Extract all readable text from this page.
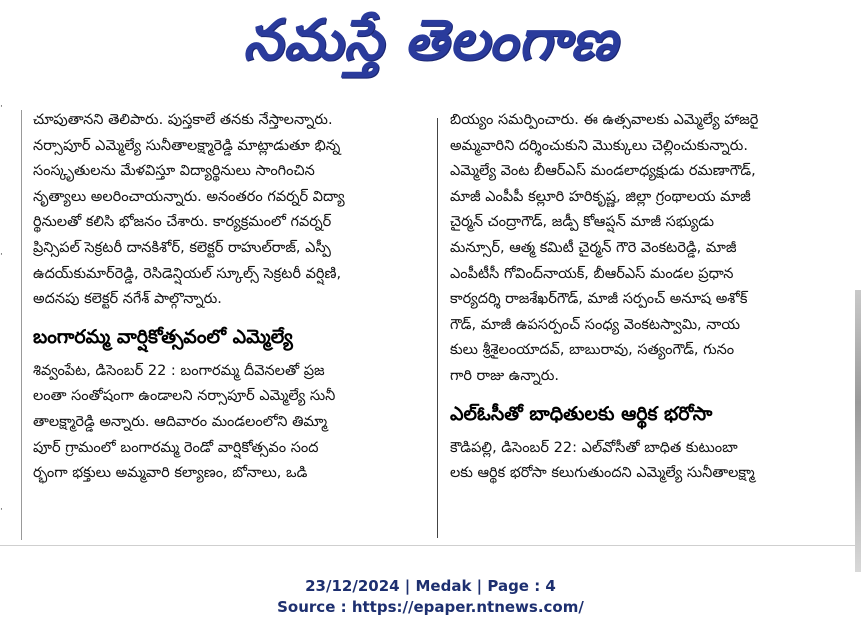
నమస్తే తెలంగాణ
·
·
·
చూపుతానని తెలిపారు. పుస్తకాలే తనకు నేస్తాలన్నారు.
నర్సాపూర్ ఎమ్మెల్యే సునీతాలక్ష్మారెడ్డి మాట్లాడుతూ భిన్న
సంస్కృతులను మేళవిస్తూ విద్యార్థినులు సాంగించిన
నృత్యాలు అలరించాయన్నారు. అనంతరం గవర్నర్ విద్యా
ర్థినులతో కలిసి భోజనం చేశారు. కార్యక్రమంలో గవర్నర్
ప్రిన్సిపల్ సెక్రటరీ దానకిశోర్, కలెక్టర్ రాహుల్‌రాజ్, ఎస్పీ
ఉదయ్‌కుమార్‌రెడ్డి, రెసిడెన్షియల్ స్కూల్స్ సెక్రటరీ వర్షిణి,
అదనపు కలెక్టర్ నగేశ్ పాల్గొన్నారు.
బంగారమ్మ వార్షికోత్సవంలో ఎమ్మెల్యే
శివ్వంపేట, డిసెంబర్ 22 : బంగారమ్మ దీవెనలతో ప్రజ
లంతా సంతోషంగా ఉండాలని నర్సాపూర్ ఎమ్మెల్యే సునీ
తాలక్ష్మారెడ్డి అన్నారు. ఆదివారం మండలంలోని తిమ్మా
పూర్ గ్రామంలో బంగారమ్మ రెండో వార్షికోత్సవం సంద
ర్భంగా భక్తులు అమ్మవారి కల్యాణం, బోనాలు, ఒడి
బియ్యం సమర్పించారు. ఈ ఉత్సవాలకు ఎమ్మెల్యే హాజరై
అమ్మవారిని దర్శించుకుని మొక్కులు చెల్లించుకున్నారు.
ఎమ్మెల్యే వెంట బీఆర్‌ఎస్ మండలాధ్యక్షుడు రమణాగౌడ్,
మాజీ ఎంపీపీ కల్లూరి హరికృష్ణ, జిల్లా గ్రంథాలయ మాజీ
చైర్మన్ చంద్రాగౌడ్, జడ్పీ కోఆప్షన్ మాజీ సభ్యుడు
మన్సూర్, ఆత్మ కమిటీ చైర్మన్ గౌరె వెంకటరెడ్డి, మాజీ
ఎంపీటీసీ గోవింద్‌నాయక్, బీఆర్‌ఎస్ మండల ప్రధాన
కార్యదర్శి రాజశేఖర్‌గౌడ్, మాజీ సర్పంచ్ అనూష అశోక్
గౌడ్, మాజీ ఉపసర్పంచ్ సంధ్య వెంకటస్వామి, నాయ
కులు శ్రీశైలంయాదవ్, బాబురావు, సత్యంగౌడ్, గునం
గారి రాజు ఉన్నారు.
ఎల్‌ఓసీతో బాధితులకు ఆర్థిక భరోసా
కౌడిపల్లి, డిసెంబర్ 22: ఎల్‌వోసీతో బాధిత కుటుంబా
లకు ఆర్థిక భరోసా కలుగుతుందని ఎమ్మెల్యే సునీతాలక్ష్మా
23/12/2024 | Medak | Page : 4
Source : https://epaper.ntnews.com/
